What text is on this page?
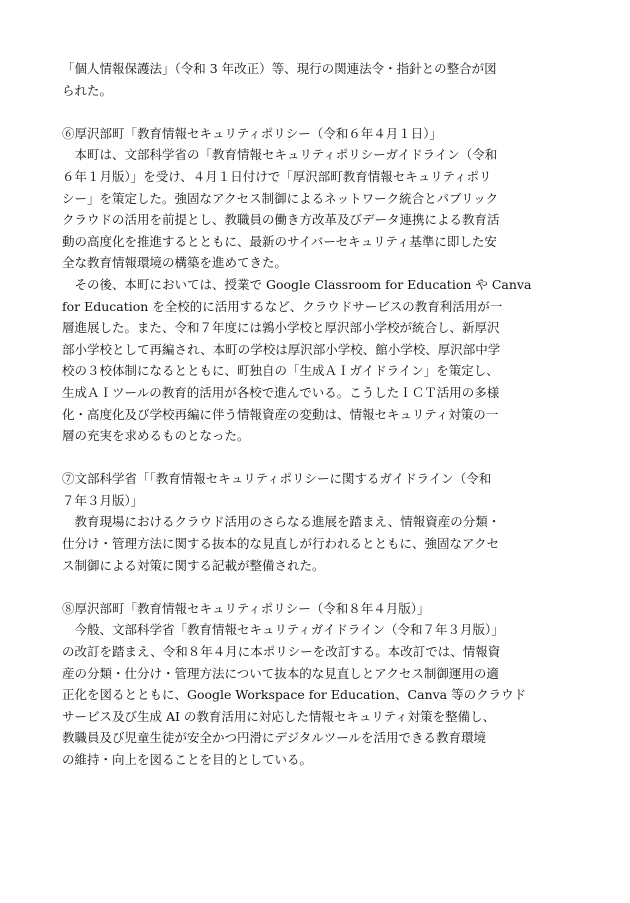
「個人情報保護法」（令和 3 年改正）等、現行の関連法令・指針との整合が図
られた。

⑥厚沢部町「教育情報セキュリティポリシー（令和６年４月１日）」

　本町は、文部科学省の「教育情報セキュリティポリシーガイドライン（令和
６年１月版）」を受け、４月１日付けで「厚沢部町教育情報セキュリティポリ
シー」を策定した。強固なアクセス制御によるネットワーク統合とパブリック
クラウドの活用を前提とし、教職員の働き方改革及びデータ連携による教育活
動の高度化を推進するとともに、最新のサイバーセキュリティ基準に即した安
全な教育情報環境の構築を進めてきた。

　その後、本町においては、授業で Google Classroom for Education や Canva
for Education を全校的に活用するなど、クラウドサービスの教育利活用が一
層進展した。また、令和７年度には鶉小学校と厚沢部小学校が統合し、新厚沢
部小学校として再編され、本町の学校は厚沢部小学校、館小学校、厚沢部中学
校の３校体制になるとともに、町独自の「生成ＡＩガイドライン」を策定し、
生成ＡＩツールの教育的活用が各校で進んでいる。こうしたＩＣＴ活用の多様
化・高度化及び学校再編に伴う情報資産の変動は、情報セキュリティ対策の一
層の充実を求めるものとなった。

⑦文部科学省「「教育情報セキュリティポリシーに関するガイドライン（令和
７年３月版）」

　教育現場におけるクラウド活用のさらなる進展を踏まえ、情報資産の分類・
仕分け・管理方法に関する抜本的な見直しが行われるとともに、強固なアクセ
ス制御による対策に関する記載が整備された。

⑧厚沢部町「教育情報セキュリティポリシー（令和８年４月版）」

　今般、文部科学省「教育情報セキュリティガイドライン（令和７年３月版）」
の改訂を踏まえ、令和８年４月に本ポリシーを改訂する。本改訂では、情報資
産の分類・仕分け・管理方法について抜本的な見直しとアクセス制御運用の適
正化を図るとともに、Google Workspace for Education、Canva 等のクラウド
サービス及び生成 AI の教育活用に対応した情報セキュリティ対策を整備し、
教職員及び児童生徒が安全かつ円滑にデジタルツールを活用できる教育環境
の維持・向上を図ることを目的としている。
